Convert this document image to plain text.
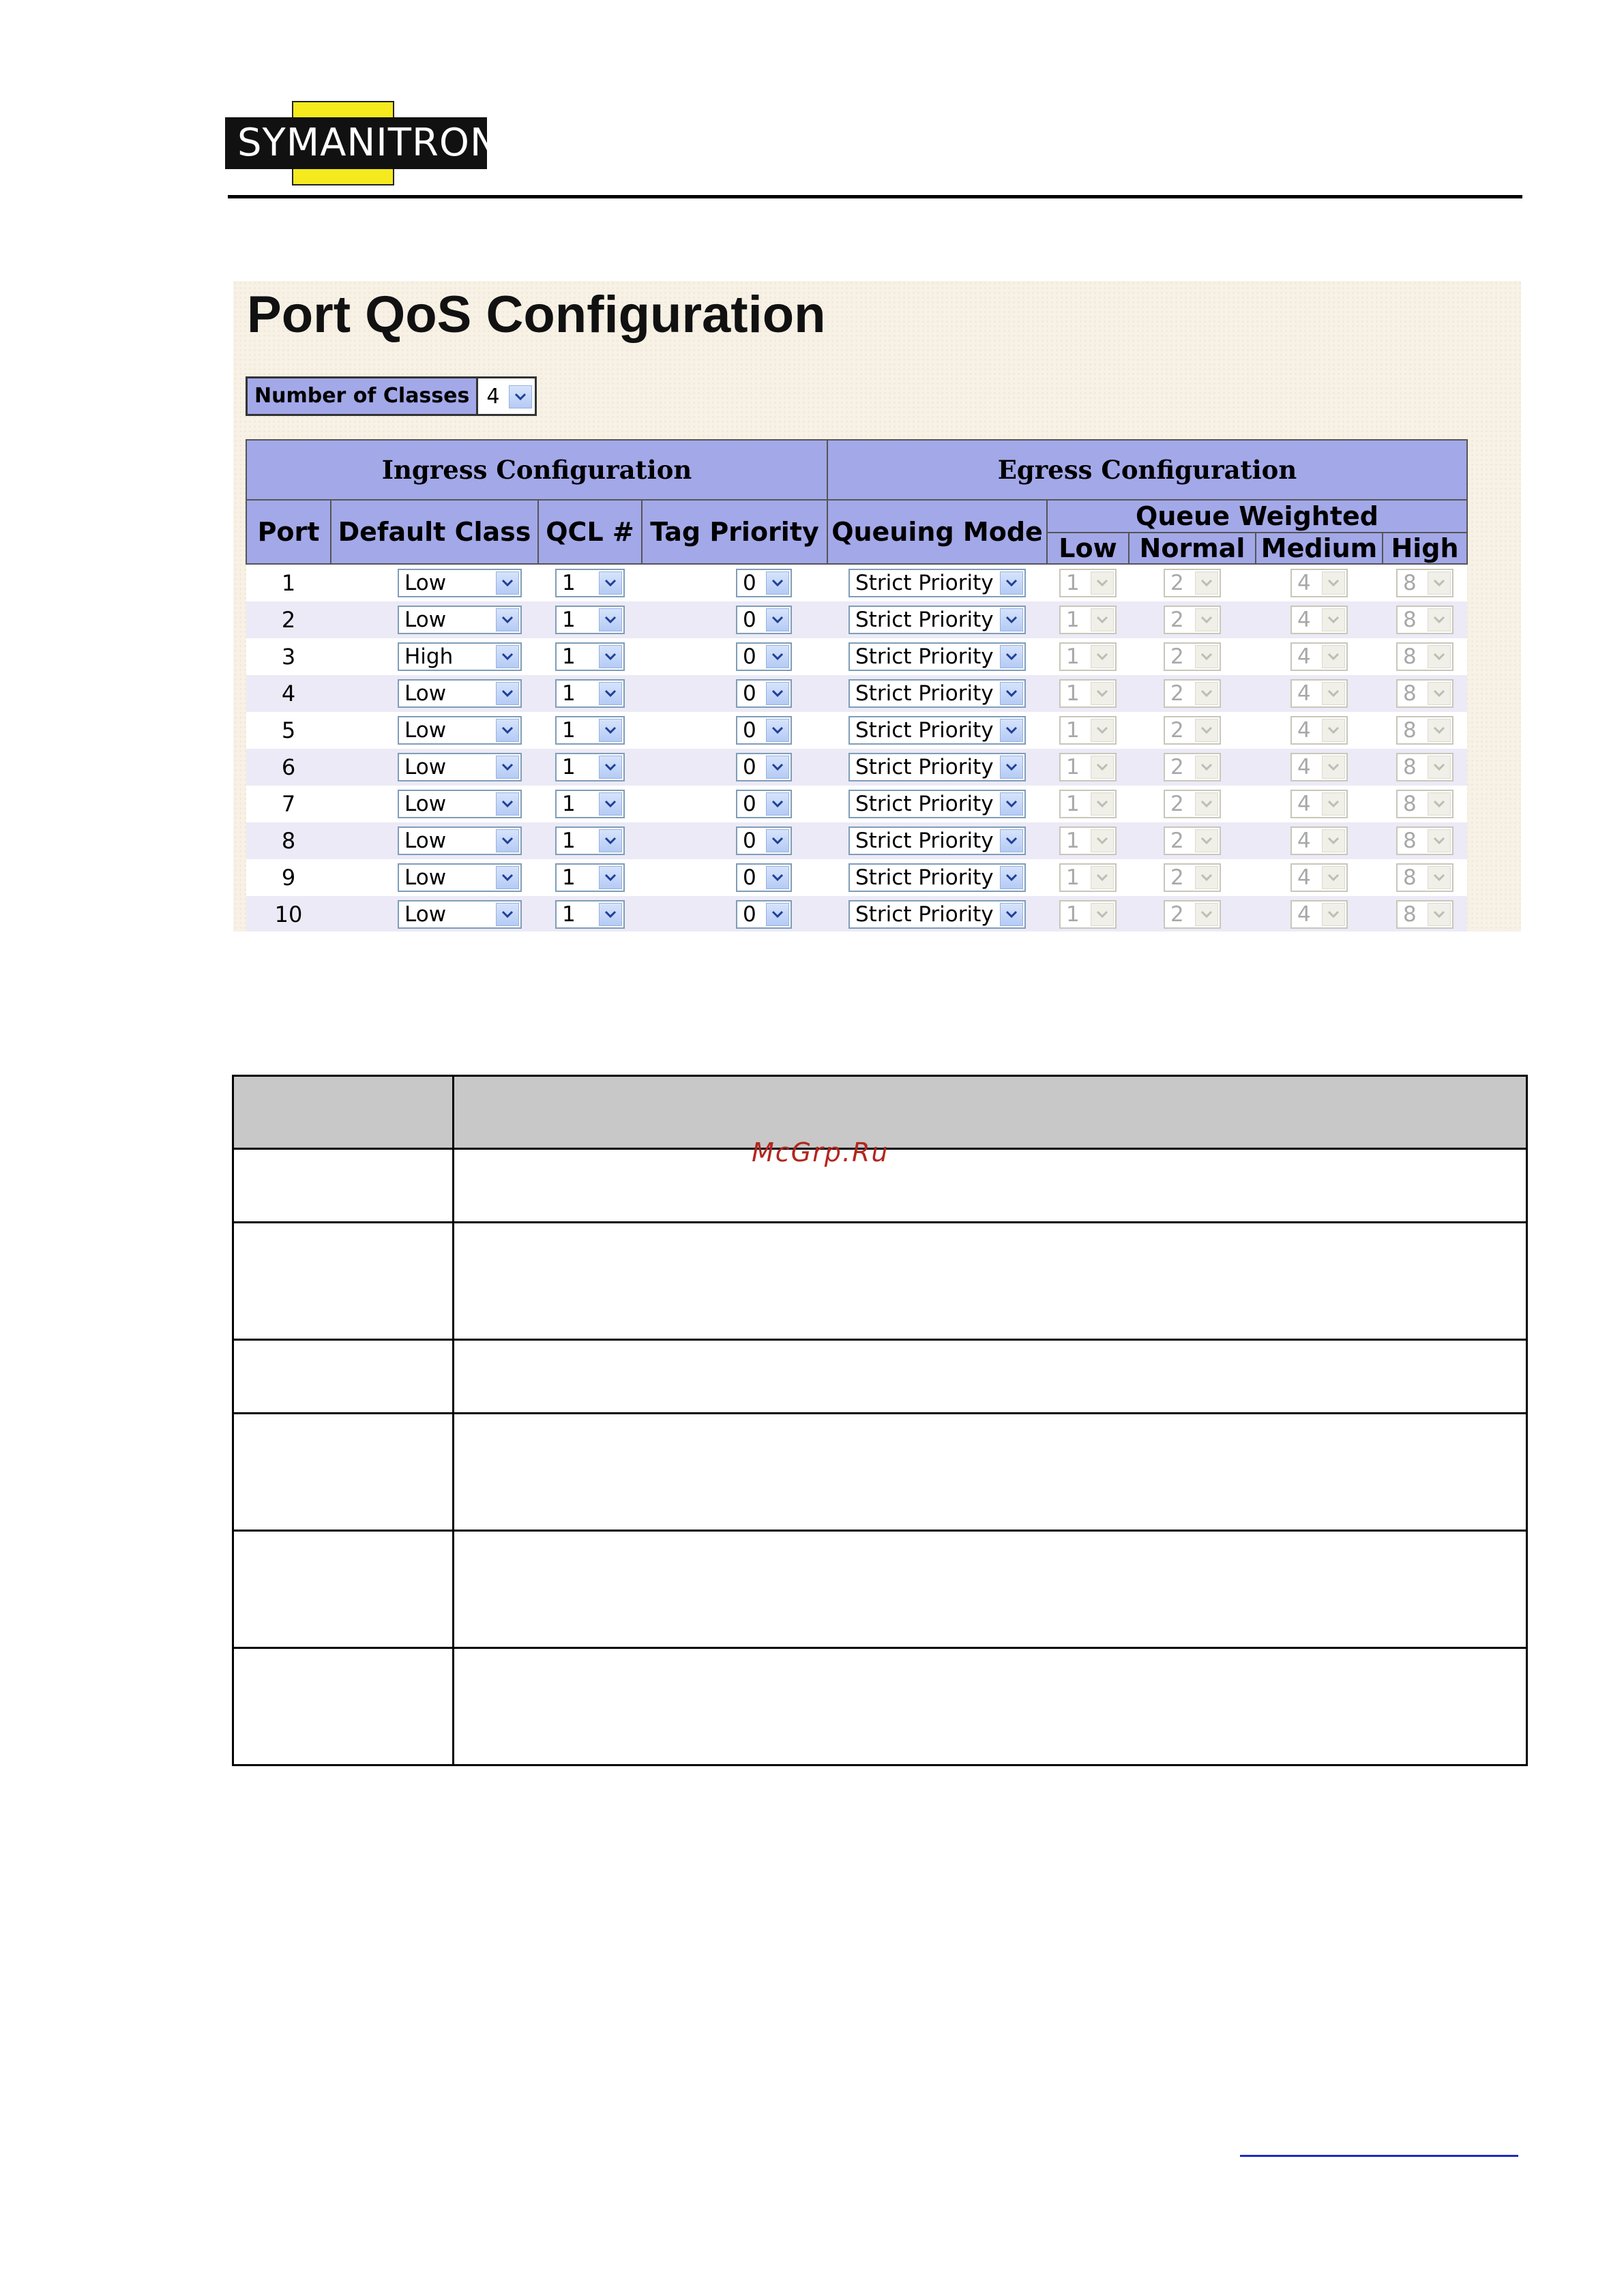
SYMANITRON
Port QoS Configuration
Number of Classes 4
Ingress Configuration				Egress Configuration				
Port	Default Class	QCL #	Tag Priority	Queuing Mode	Queue Weighted			
					Low	Normal	Medium	High
1	Low	1	0	Strict Priority	1	2	4	8

2	Low	1	0	Strict Priority	1	2	4	8

3	High	1	0	Strict Priority	1	2	4	8

4	Low	1	0	Strict Priority	1	2	4	8

5	Low	1	0	Strict Priority	1	2	4	8

6	Low	1	0	Strict Priority	1	2	4	8

7	Low	1	0	Strict Priority	1	2	4	8

8	Low	1	0	Strict Priority	1	2	4	8

9	Low	1	0	Strict Priority	1	2	4	8

10	Low	1	0	Strict Priority	1	2	4	8

McGrp.Ru
